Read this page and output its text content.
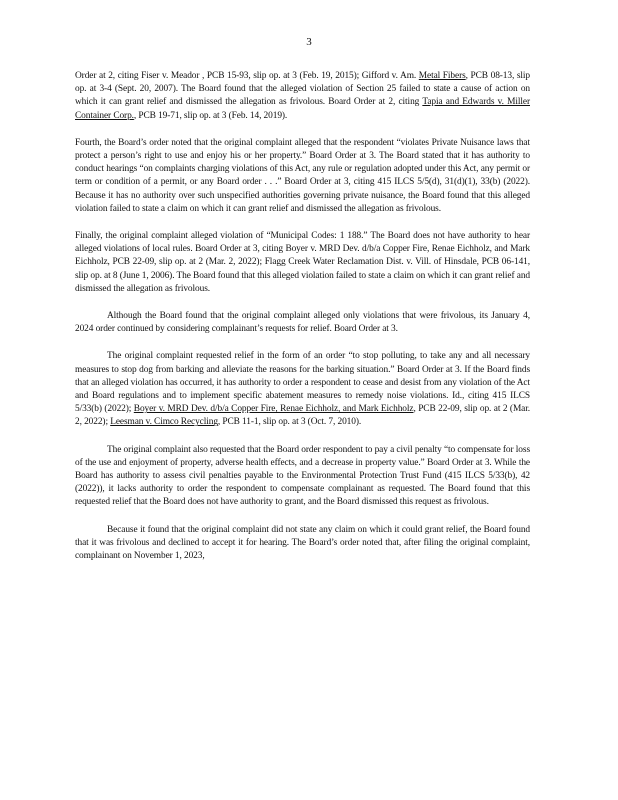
3

Order at 2, citing Fiser v. Meador , PCB 15-93, slip op. at 3 (Feb. 19, 2015); Gifford v. Am. Metal Fibers, PCB 08-13, slip op. at 3-4 (Sept. 20, 2007). The Board found that the alleged violation of Section 25 failed to state a cause of action on which it can grant relief and dismissed the allegation as frivolous. Board Order at 2, citing Tapia and Edwards v. Miller Container Corp., PCB 19-71, slip op. at 3 (Feb. 14, 2019).

Fourth, the Board’s order noted that the original complaint alleged that the respondent “violates Private Nuisance laws that protect a person’s right to use and enjoy his or her property.” Board Order at 3. The Board stated that it has authority to conduct hearings “on complaints charging violations of this Act, any rule or regulation adopted under this Act, any permit or term or condition of a permit, or any Board order . . .” Board Order at 3, citing 415 ILCS 5/5(d), 31(d)(1), 33(b) (2022). Because it has no authority over such unspecified authorities governing private nuisance, the Board found that this alleged violation failed to state a claim on which it can grant relief and dismissed the allegation as frivolous.

Finally, the original complaint alleged violation of “Municipal Codes: 1 188.” The Board does not have authority to hear alleged violations of local rules. Board Order at 3, citing Boyer v. MRD Dev. d/b/a Copper Fire, Renae Eichholz, and Mark Eichholz, PCB 22-09, slip op. at 2 (Mar. 2, 2022); Flagg Creek Water Reclamation Dist. v. Vill. of Hinsdale, PCB 06-141, slip op. at 8 (June 1, 2006). The Board found that this alleged violation failed to state a claim on which it can grant relief and dismissed the allegation as frivolous.

Although the Board found that the original complaint alleged only violations that were frivolous, its January 4, 2024 order continued by considering complainant’s requests for relief. Board Order at 3.

The original complaint requested relief in the form of an order “to stop polluting, to take any and all necessary measures to stop dog from barking and alleviate the reasons for the barking situation.” Board Order at 3. If the Board finds that an alleged violation has occurred, it has authority to order a respondent to cease and desist from any violation of the Act and Board regulations and to implement specific abatement measures to remedy noise violations. Id., citing 415 ILCS 5/33(b) (2022); Boyer v. MRD Dev. d/b/a Copper Fire, Renae Eichholz, and Mark Eichholz, PCB 22-09, slip op. at 2 (Mar. 2, 2022); Leesman v. Cimco Recycling, PCB 11-1, slip op. at 3 (Oct. 7, 2010).

The original complaint also requested that the Board order respondent to pay a civil penalty “to compensate for loss of the use and enjoyment of property, adverse health effects, and a decrease in property value.” Board Order at 3. While the Board has authority to assess civil penalties payable to the Environmental Protection Trust Fund (415 ILCS 5/33(b), 42 (2022)), it lacks authority to order the respondent to compensate complainant as requested. The Board found that this requested relief that the Board does not have authority to grant, and the Board dismissed this request as frivolous.

Because it found that the original complaint did not state any claim on which it could grant relief, the Board found that it was frivolous and declined to accept it for hearing. The Board’s order noted that, after filing the original complaint, complainant on November 1, 2023,
